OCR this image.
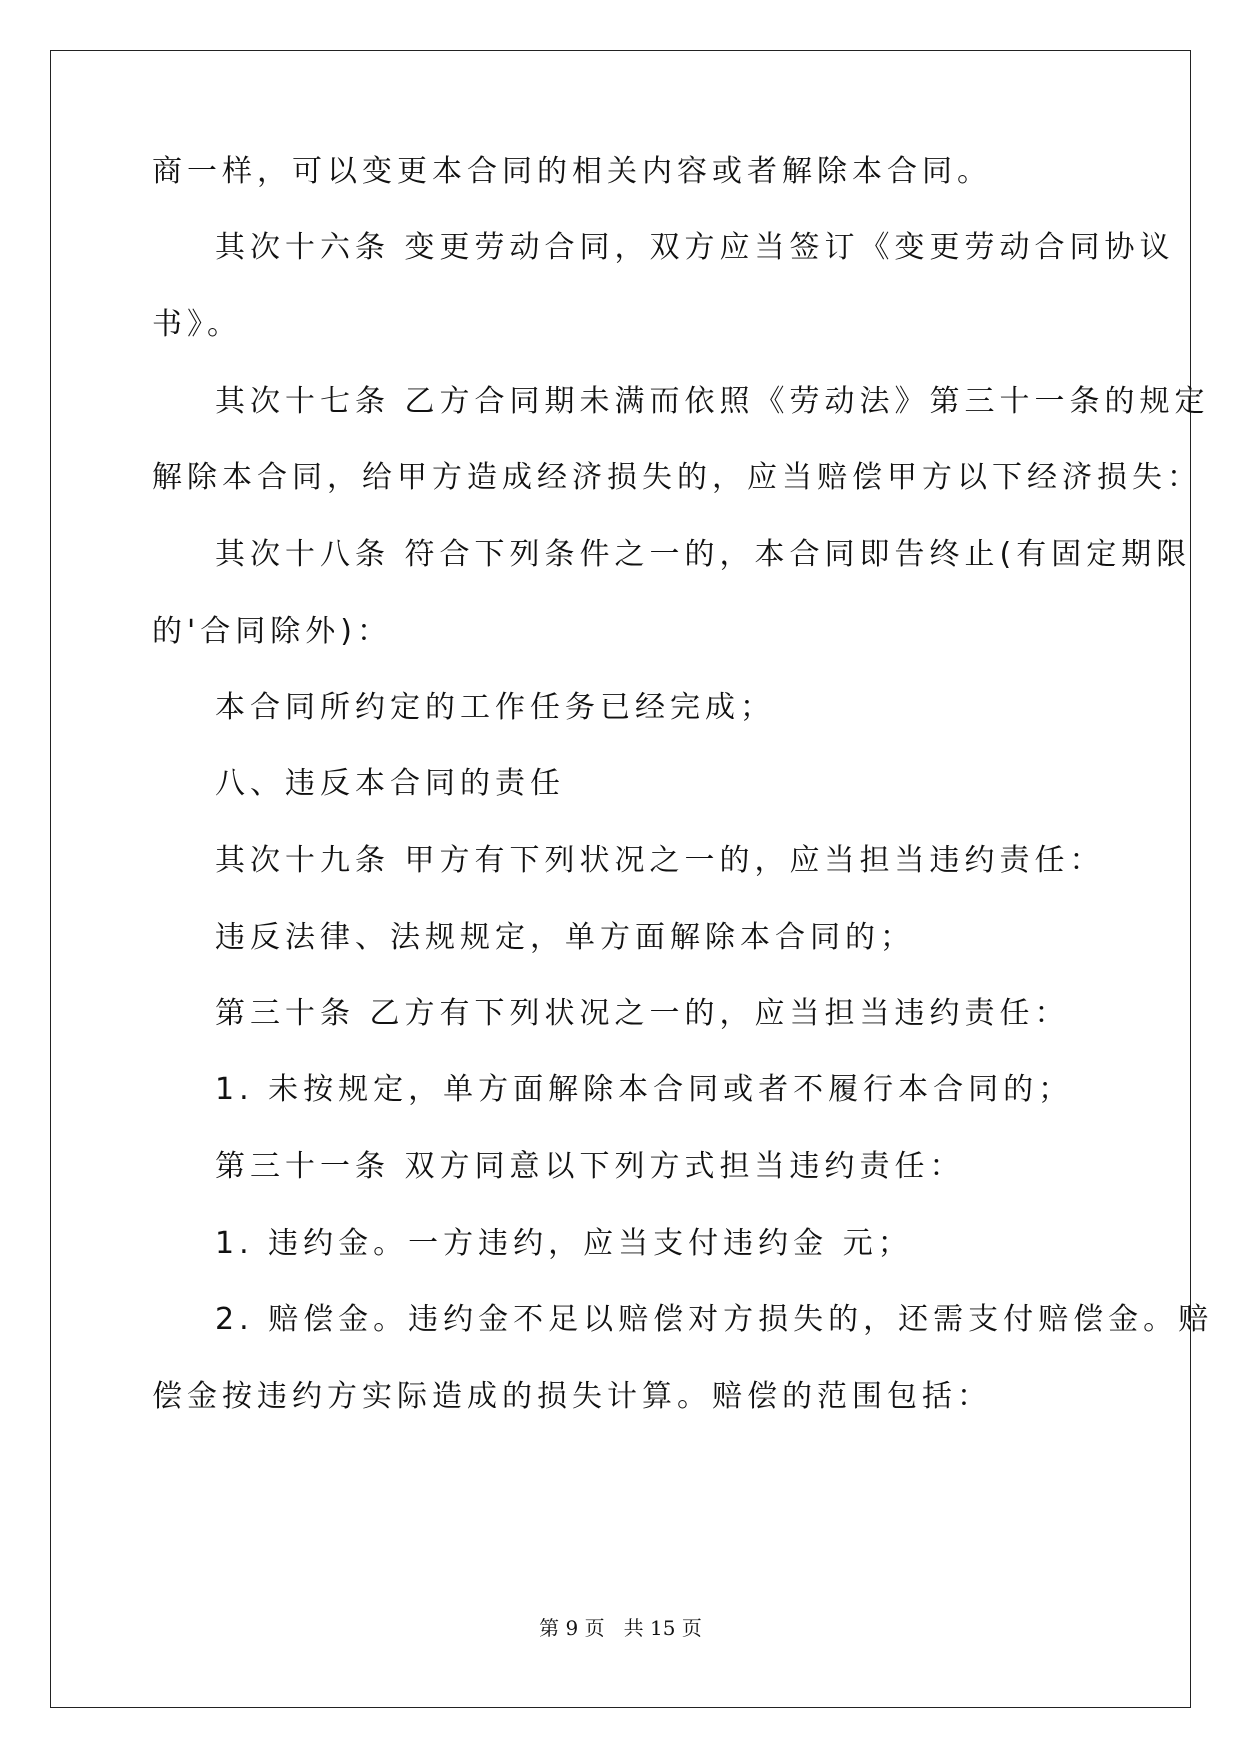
商一样，可以变更本合同的相关内容或者解除本合同。

其次十六条 变更劳动合同，双方应当签订《变更劳动合同协议

书》。

其次十七条 乙方合同期未满而依照《劳动法》第三十一条的规定

解除本合同，给甲方造成经济损失的，应当赔偿甲方以下经济损失：

其次十八条 符合下列条件之一的，本合同即告终止(有固定期限

的'合同除外)：

本合同所约定的工作任务已经完成；

八、违反本合同的责任

其次十九条 甲方有下列状况之一的，应当担当违约责任：

违反法律、法规规定，单方面解除本合同的；

第三十条 乙方有下列状况之一的，应当担当违约责任：

1. 未按规定，单方面解除本合同或者不履行本合同的；

第三十一条 双方同意以下列方式担当违约责任：

1. 违约金。一方违约，应当支付违约金 元；

2. 赔偿金。违约金不足以赔偿对方损失的，还需支付赔偿金。赔

偿金按违约方实际造成的损失计算。赔偿的范围包括：

第 9 页 共 15 页
